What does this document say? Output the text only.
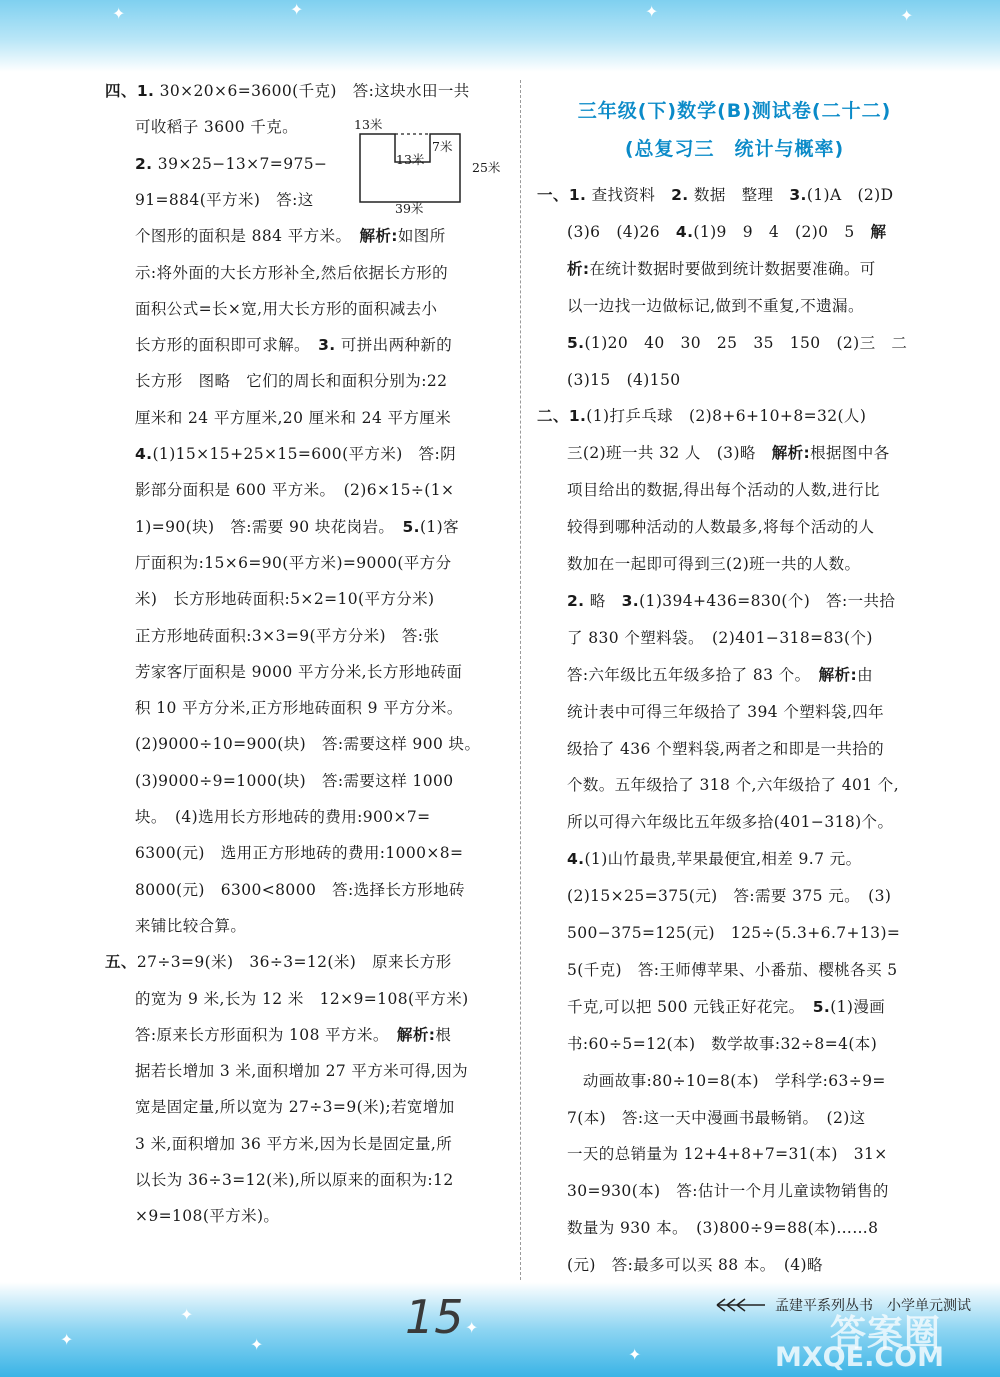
✦	✦	✦	✦
✦
✦
✦
✦
✦
四、1. 30×20×6=3600(千克)　答:这块水田一共
可收稻子 3600 千克。
2. 39×25−13×7=975−
91=884(平方米)　答:这
个图形的面积是 884 平方米。　解析:如图所
示:将外面的大长方形补全,然后依据长方形的
面积公式=长×宽,用大长方形的面积减去小
长方形的面积即可求解。　3. 可拼出两种新的
长方形　图略　它们的周长和面积分别为:22
厘米和 24 平方厘米,20 厘米和 24 平方厘米
4.(1)15×15+25×15=600(平方米)　答:阴
影部分面积是 600 平方米。　(2)6×15÷(1×
1)=90(块)　答:需要 90 块花岗岩。　5.(1)客
厅面积为:15×6=90(平方米)=9000(平方分
米)　长方形地砖面积:5×2=10(平方分米)
正方形地砖面积:3×3=9(平方分米)　答:张
芳家客厅面积是 9000 平方分米,长方形地砖面
积 10 平方分米,正方形地砖面积 9 平方分米。
(2)9000÷10=900(块)　答:需要这样 900 块。
(3)9000÷9=1000(块)　答:需要这样 1000
块。　(4)选用长方形地砖的费用:900×7=
6300(元)　选用正方形地砖的费用:1000×8=
8000(元)　6300<8000　答:选择长方形地砖
来铺比较合算。
五、27÷3=9(米)　36÷3=12(米)　原来长方形
的宽为 9 米,长为 12 米　12×9=108(平方米)
答:原来长方形面积为 108 平方米。　解析:根
据若长增加 3 米,面积增加 27 平方米可得,因为
宽是固定量,所以宽为 27÷3=9(米);若宽增加
3 米,面积增加 36 平方米,因为长是固定量,所
以长为 36÷3=12(米),所以原来的面积为:12
×9=108(平方米)。
13米
7米
13米
25米
39米
三年级(下)数学(B)测试卷(二十二)
(总复习三　统计与概率)
一、1. 查找资料　2. 数据　整理　3.(1)A　(2)D
(3)6　(4)26　4.(1)9　9　4　(2)0　5　解
析:在统计数据时要做到统计数据要准确。可
以一边找一边做标记,做到不重复,不遗漏。
5.(1)20　40　30　25　35　150　(2)三　二
(3)15　(4)150
二、1.(1)打乒乓球　(2)8+6+10+8=32(人)
三(2)班一共 32 人　(3)略　解析:根据图中各
项目给出的数据,得出每个活动的人数,进行比
较得到哪种活动的人数最多,将每个活动的人
数加在一起即可得到三(2)班一共的人数。
2. 略　3.(1)394+436=830(个)　答:一共拾
了 830 个塑料袋。　(2)401−318=83(个)
答:六年级比五年级多拾了 83 个。　解析:由
统计表中可得三年级拾了 394 个塑料袋,四年
级拾了 436 个塑料袋,两者之和即是一共拾的
个数。五年级拾了 318 个,六年级拾了 401 个,
所以可得六年级比五年级多拾(401−318)个。
4.(1)山竹最贵,苹果最便宜,相差 9.7 元。
(2)15×25=375(元)　答:需要 375 元。　(3)
500−375=125(元)　125÷(5.3+6.7+13)=
5(千克)　答:王师傅苹果、小番茄、樱桃各买 5
千克,可以把 500 元钱正好花完。　5.(1)漫画
书:60÷5=12(本)　数学故事:32÷8=4(本)
　动画故事:80÷10=8(本)　学科学:63÷9=
7(本)　答:这一天中漫画书最畅销。　(2)这
一天的总销量为 12+4+8+7=31(本)　31×
30=930(本)　答:估计一个月儿童读物销售的
数量为 930 本。　(3)800÷9=88(本)……8
(元)　答:最多可以买 88 本。　(4)略
15	孟建平系列丛书　小学单元测试
答案圈
MXQE.COM
